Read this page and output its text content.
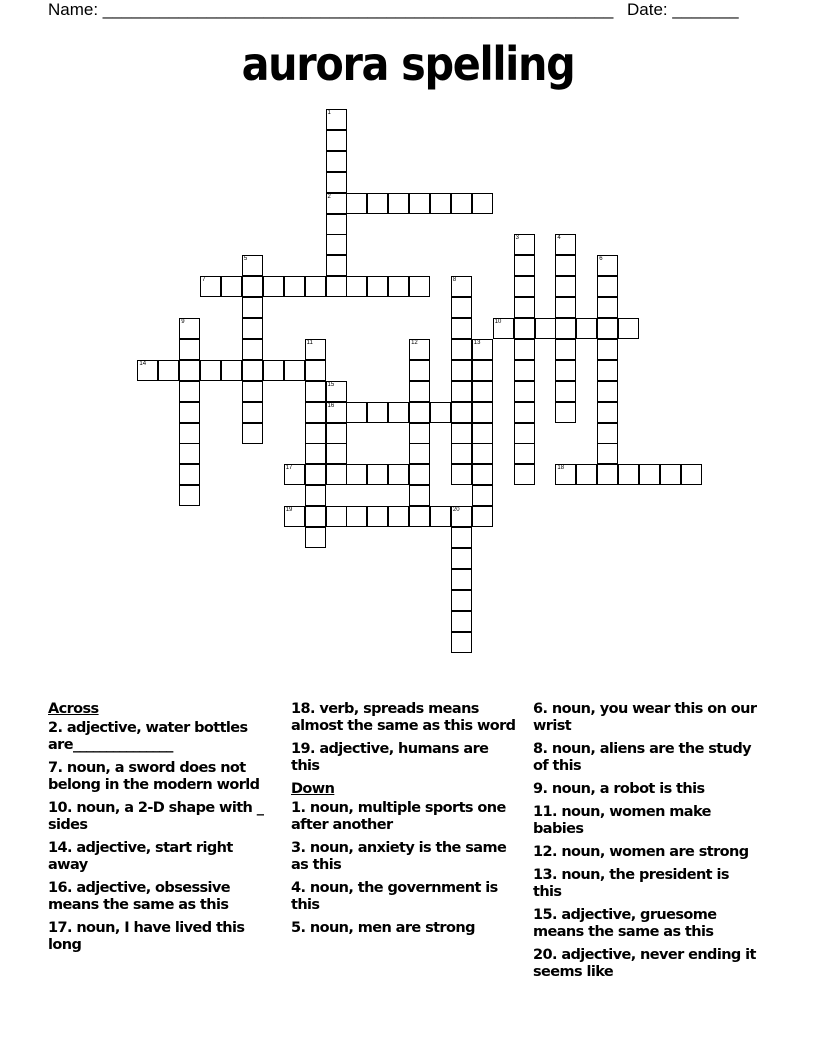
Name: ______________________________________________________ Date: _______
aurora spelling
1
2
3	4
5	6
7	8
9	10
11	12	13
14
15
16
17	18
19	20
Across
2. adjective, water bottles are_______________
7. noun, a sword does not belong in the modern world
10. noun, a 2-D shape with _ sides
14. adjective, start right away
16. adjective, obsessive means the same as this
17. noun, I have lived this long
18. verb, spreads means almost the same as this word
19. adjective, humans are this
Down
1. noun, multiple sports one after another
3. noun, anxiety is the same as this
4. noun, the government is this
5. noun, men are strong
6. noun, you wear this on our wrist
8. noun, aliens are the study of this
9. noun, a robot is this
11. noun, women make babies
12. noun, women are strong
13. noun, the president is this
15. adjective, gruesome means the same as this
20. adjective, never ending it seems like
